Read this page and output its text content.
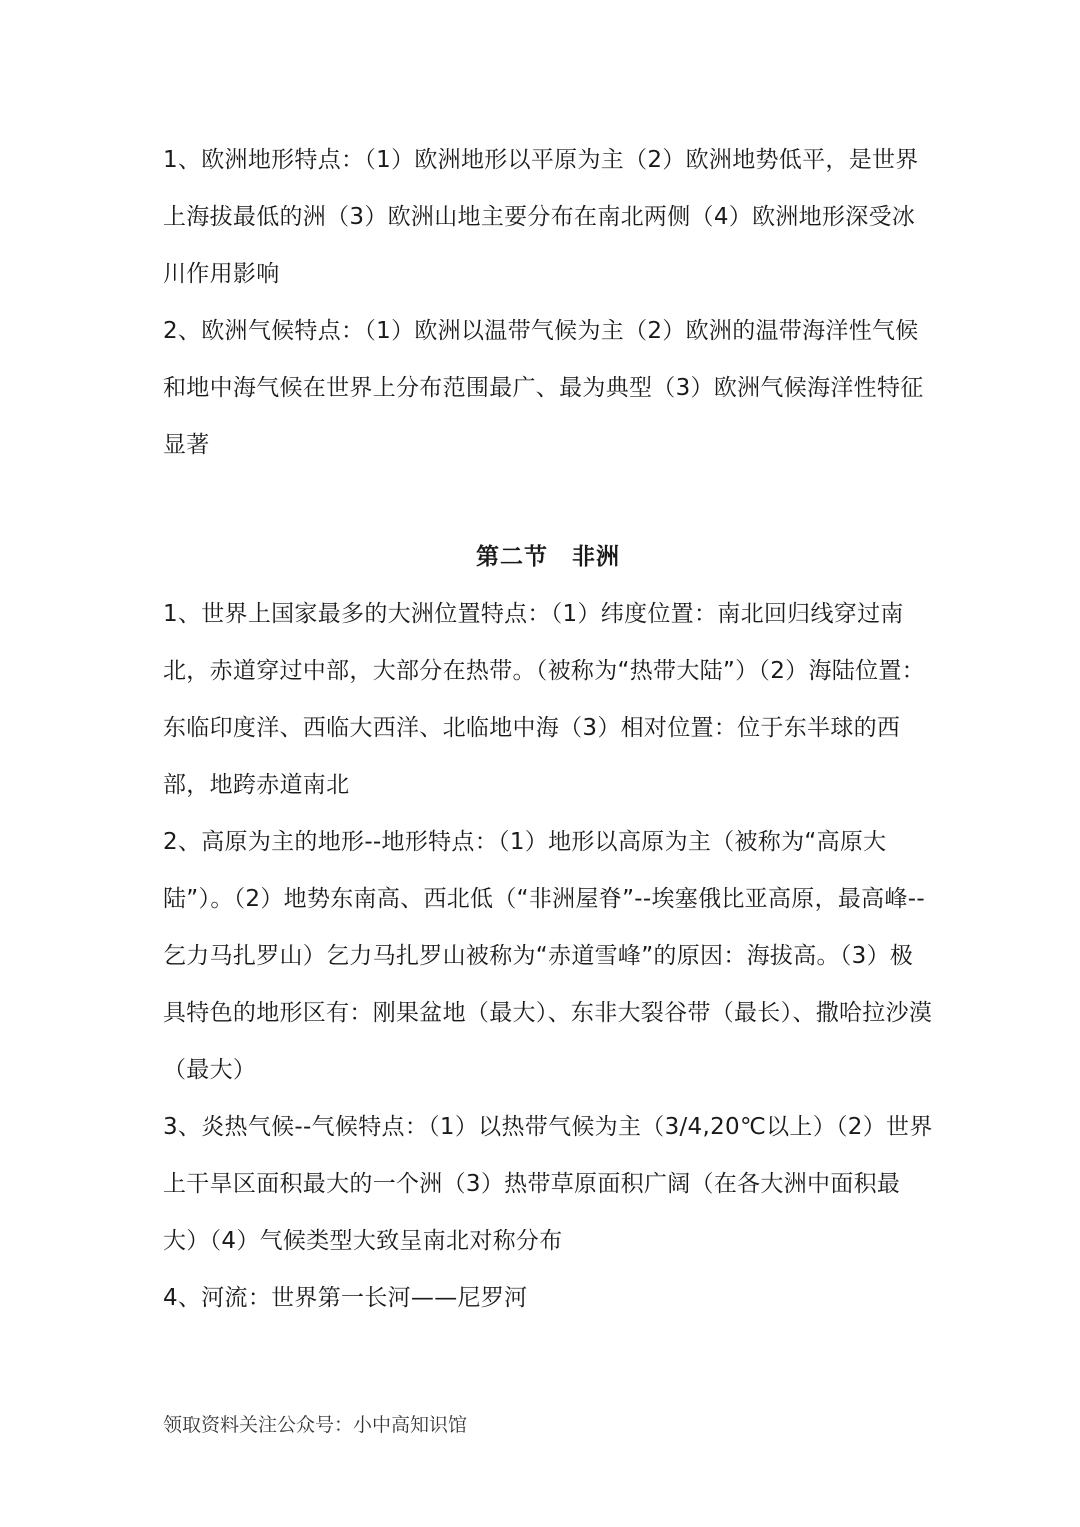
1、欧洲地形特点：（1）欧洲地形以平原为主（2）欧洲地势低平，是世界上海拔最低的洲（3）欧洲山地主要分布在南北两侧（4）欧洲地形深受冰川作用影响

2、欧洲气候特点：（1）欧洲以温带气候为主（2）欧洲的温带海洋性气候和地中海气候在世界上分布范围最广、最为典型（3）欧洲气候海洋性特征显著

第二节　非洲

1、世界上国家最多的大洲位置特点：（1）纬度位置：南北回归线穿过南北，赤道穿过中部，大部分在热带。（被称为“热带大陆”）（2）海陆位置：东临印度洋、西临大西洋、北临地中海（3）相对位置：位于东半球的西部，地跨赤道南北

2、高原为主的地形--地形特点：（1）地形以高原为主（被称为“高原大陆”）。（2）地势东南高、西北低（“非洲屋脊”--埃塞俄比亚高原，最高峰--乞力马扎罗山）乞力马扎罗山被称为“赤道雪峰”的原因：海拔高。（3）极具特色的地形区有：刚果盆地（最大）、东非大裂谷带（最长）、撒哈拉沙漠（最大）

3、炎热气候--气候特点：（1）以热带气候为主（3/4,20℃以上）（2）世界上干旱区面积最大的一个洲（3）热带草原面积广阔（在各大洲中面积最大）（4）气候类型大致呈南北对称分布

4、河流：世界第一长河——尼罗河

领取资料关注公众号：小中高知识馆
